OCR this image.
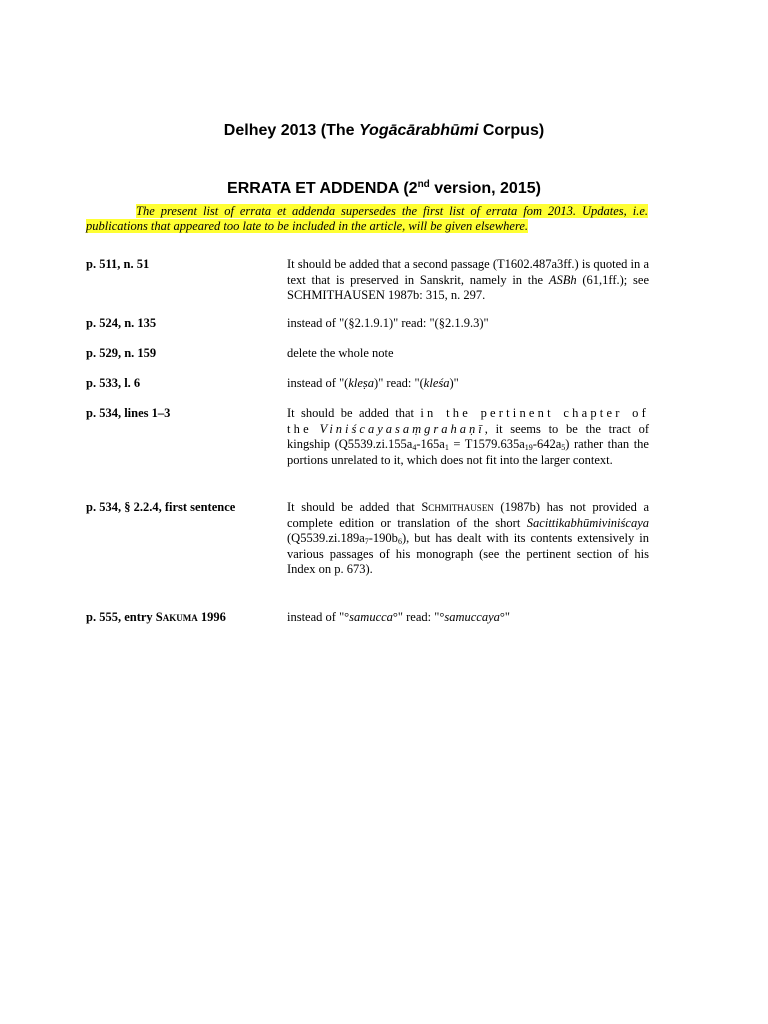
Delhey 2013 (The Yogācārabhūmi Corpus)
ERRATA ET ADDENDA (2nd version, 2015)
The present list of errata et addenda supersedes the first list of errata fom 2013. Updates, i.e. publications that appeared too late to be included in the article, will be given elsewhere.
p. 511, n. 51	It should be added that a second passage (T1602.487a3ff.) is quoted in a text that is preserved in Sanskrit, namely in the ASBh (61,1ff.); see SCHMITHAUSEN 1987b: 315, n. 297.
p. 524, n. 135	instead of "(§2.1.9.1)" read: "(§2.1.9.3)"
p. 529, n. 159	delete the whole note
p. 533, l. 6	instead of "(kleṣa)" read: "(kleśa)"
p. 534, lines 1–3	It should be added that in the pertinent chapter of the Viniścayasaṃgrahaṇī, it seems to be the tract of kingship $(Q5539.zi.155a_4-165a_1 = T1579.635a_{19}-642a_5)$ rather than the portions unrelated to it, which does not fit into the larger context.
p. 534, § 2.2.4, first sentence	It should be added that Schmithausen (1987b) has not provided a complete edition or translation of the short Sacittikabhūmiviniścaya $(Q5539.zi.189a_7-190b_6)$, but has dealt with its contents extensively in various passages of his monograph (see the pertinent section of his Index on p. 673).
p. 555, entry Sakuma 1996	instead of "°samucca°" read: "°samuccaya°"
